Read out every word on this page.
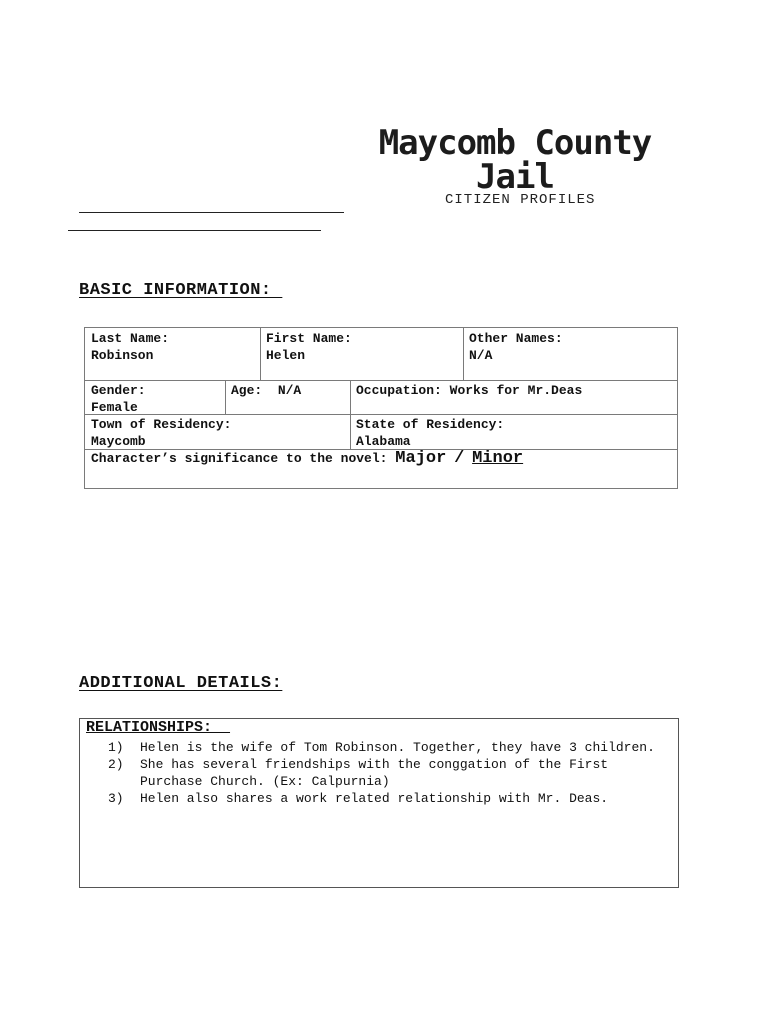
Maycomb County
Jail
CITIZEN PROFILES
BASIC INFORMATION:
Last Name:
Robinson
First Name:
Helen
Other Names:
N/A
Gender:
Female
Age: N/A	Occupation: Works for Mr.Deas
Town of Residency:
Maycomb
State of Residency:
Alabama
Character’s significance to the novel: Major / Minor
ADDITIONAL DETAILS:
RELATIONSHIPS:
1)	Helen is the wife of Tom Robinson. Together, they have 3 children.
2)	She has several friendships with the conggation of the First Purchase Church. (Ex: Calpurnia)
3)	Helen also shares a work related relationship with Mr. Deas.
